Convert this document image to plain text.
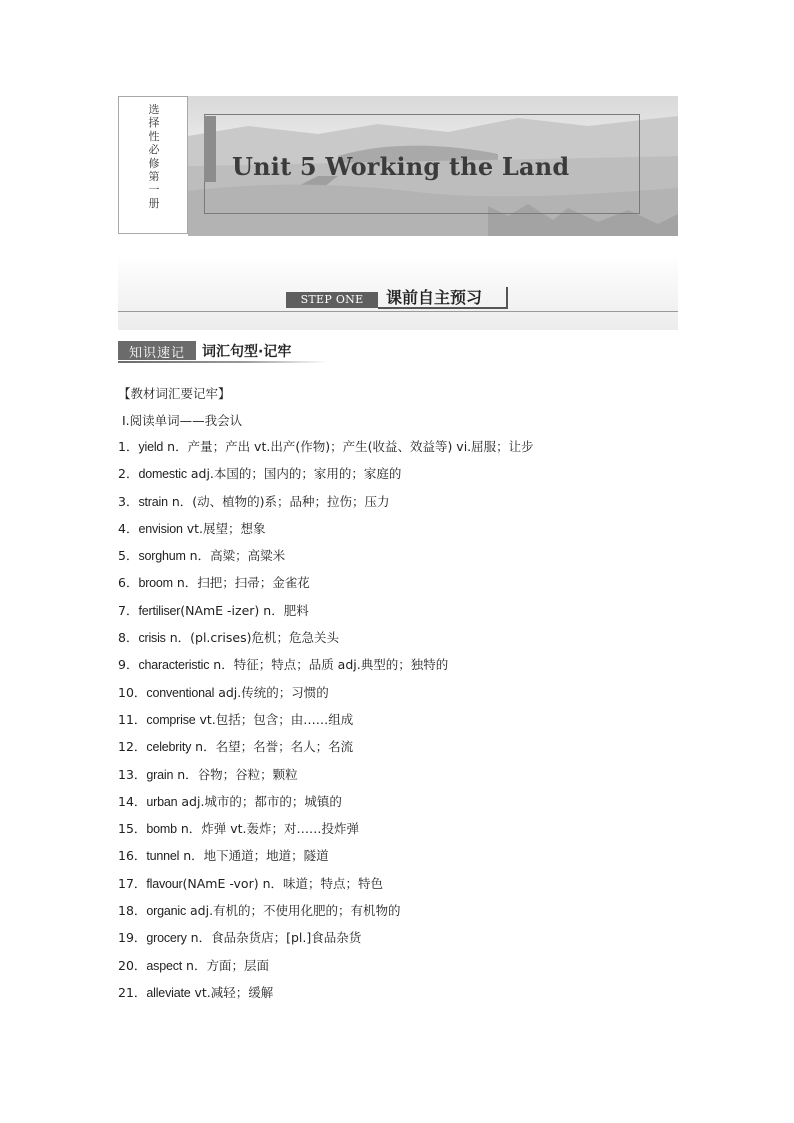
选择性必修第一册
Unit 5 Working the Land
STEP ONE	课前自主预习
知识速记	词汇句型·记牢
【教材词汇要记牢】
Ⅰ.阅读单词——我会认
1．yield n．产量；产出 vt.出产(作物)；产生(收益、效益等) vi.屈服；让步
2．domestic adj.本国的；国内的；家用的；家庭的
3．strain n．(动、植物的)系；品种；拉伤；压力
4．envision vt.展望；想象
5．sorghum n．高粱；高粱米
6．broom n．扫把；扫帚；金雀花
7．fertiliser(NAmE -izer) n．肥料
8．crisis n．(pl.crises)危机；危急关头
9．characteristic n．特征；特点；品质 adj.典型的；独特的
10．conventional adj.传统的；习惯的
11．comprise vt.包括；包含；由……组成
12．celebrity n．名望；名誉；名人；名流
13．grain n．谷物；谷粒；颗粒
14．urban adj.城市的；都市的；城镇的
15．bomb n．炸弹 vt.轰炸；对……投炸弹
16．tunnel n．地下通道；地道；隧道
17．flavour(NAmE -vor) n．味道；特点；特色
18．organic adj.有机的；不使用化肥的；有机物的
19．grocery n．食品杂货店；[pl.]食品杂货
20．aspect n．方面；层面
21．alleviate vt.减轻；缓解
